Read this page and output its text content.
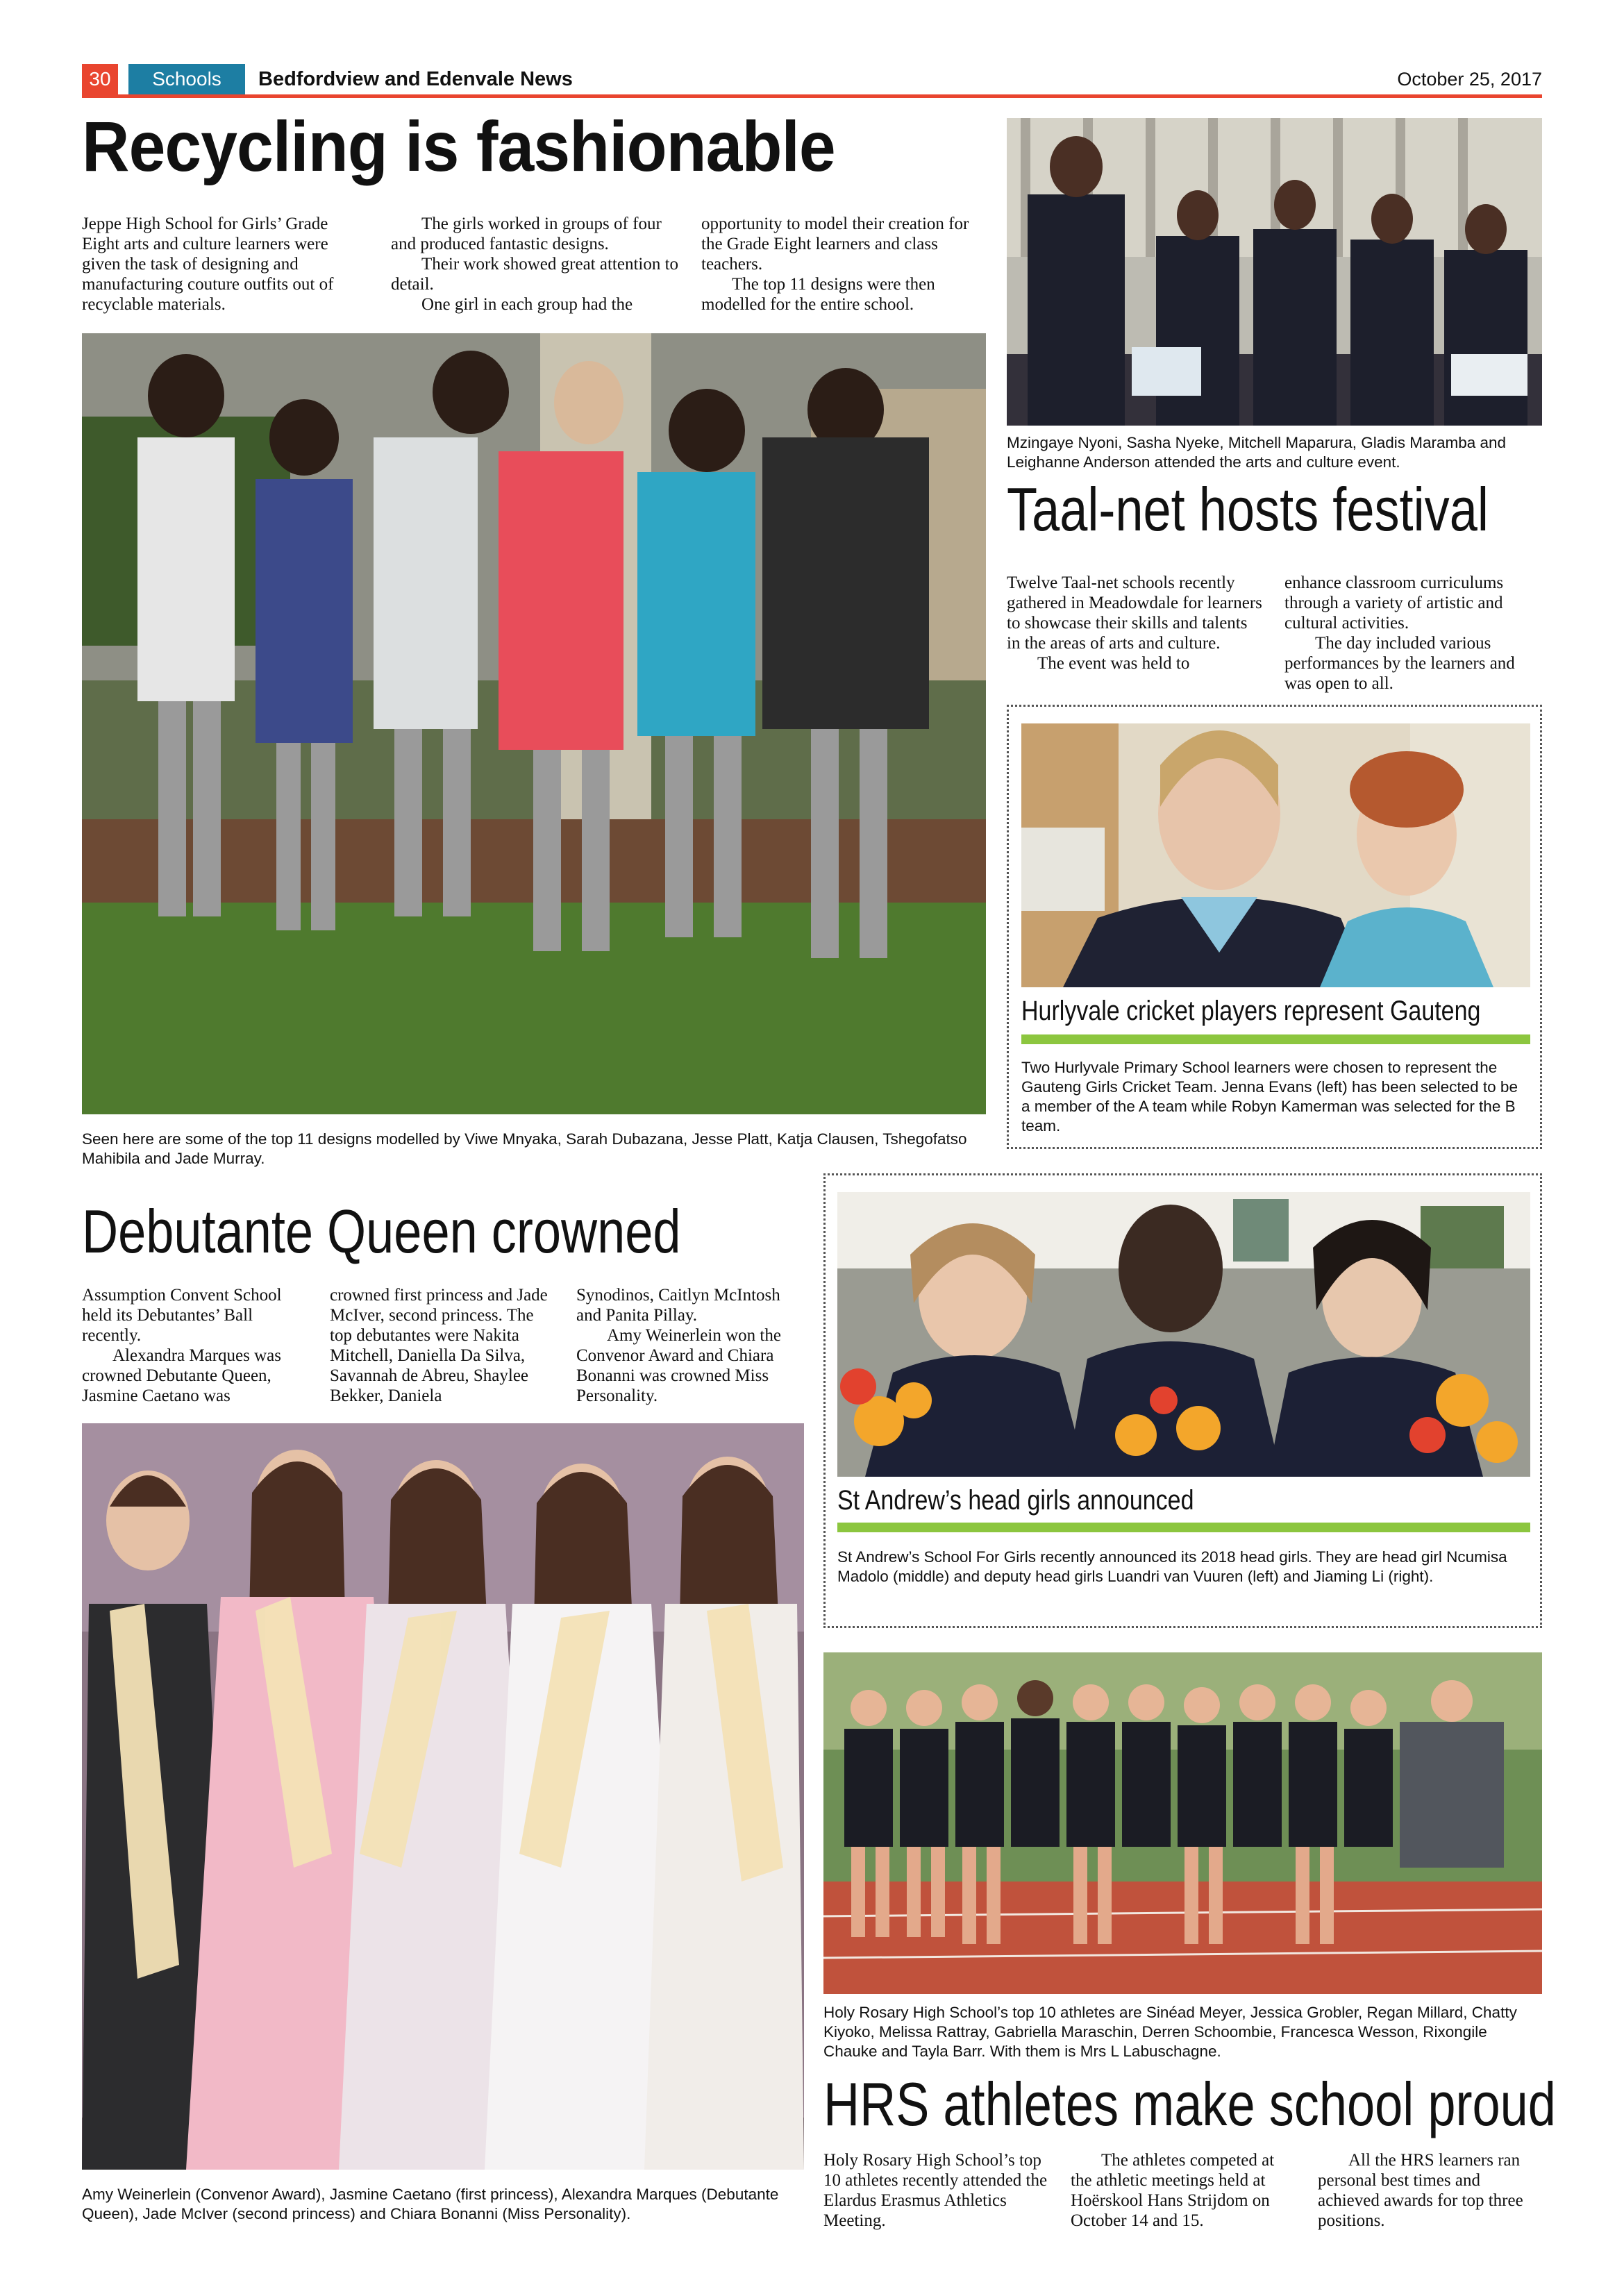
30	Schools	Bedfordview and Edenvale News	October 25, 2017
Recycling is fashionable

Jeppe High School for Girls’ Grade Eight arts and culture learners were given the task of designing and manufacturing couture outfits out of recyclable materials.

The girls worked in groups of four and produced fantastic designs.

Their work showed great attention to detail.

One girl in each group had the

opportunity to model their creation for the Grade Eight learners and class teachers.

The top 11 designs were then modelled for the entire school.

Seen here are some of the top 11 designs modelled by Viwe Mnyaka, Sarah Dubazana, Jesse Platt, Katja Clausen, Tshegofatso Mahibila and Jade Murray.
Mzingaye Nyoni, Sasha Nyeke, Mitchell Maparura, Gladis Maramba and Leighanne Anderson attended the arts and culture event.
Taal-net hosts festival

Twelve Taal-net schools recently gathered in Meadowdale for learners to showcase their skills and talents in the areas of arts and culture.

The event was held to

enhance classroom curriculums through a variety of artistic and cultural activities.

The day included various performances by the learners and was open to all.

Hurlyvale cricket players represent Gauteng
Two Hurlyvale Primary School learners were chosen to represent the Gauteng Girls Cricket Team. Jenna Evans (left) has been selected to be a member of the A team while Robyn Kamerman was selected for the B team.
Debutante Queen crowned

Assumption Convent School held its Debutantes’ Ball recently.

Alexandra Marques was crowned Debutante Queen, Jasmine Caetano was

crowned first princess and Jade McIver, second princess. The top debutantes were Nakita Mitchell, Daniella Da Silva, Savannah de Abreu, Shaylee Bekker, Daniela

Synodinos, Caitlyn McIntosh and Panita Pillay.

Amy Weinerlein won the Convenor Award and Chiara Bonanni was crowned Miss Personality.

Amy Weinerlein (Convenor Award), Jasmine Caetano (first princess), Alexandra Marques (Debutante Queen), Jade McIver (second princess) and Chiara Bonanni (Miss Personality).
St Andrew’s head girls announced
St Andrew’s School For Girls recently announced its 2018 head girls. They are head girl Ncumisa Madolo (middle) and deputy head girls Luandri van Vuuren (left) and Jiaming Li (right).
Holy Rosary High School’s top 10 athletes are Sinéad Meyer, Jessica Grobler, Regan Millard, Chatty Kiyoko, Melissa Rattray, Gabriella Maraschin, Derren Schoombie, Francesca Wesson, Rixongile Chauke and Tayla Barr. With them is Mrs L Labuschagne.
HRS athletes make school proud

Holy Rosary High School’s top 10 athletes recently attended the Elardus Erasmus Athletics Meeting.

The athletes competed at the athletic meetings held at Hoërskool Hans Strijdom on October 14 and 15.

All the HRS learners ran personal best times and achieved awards for top three positions.
